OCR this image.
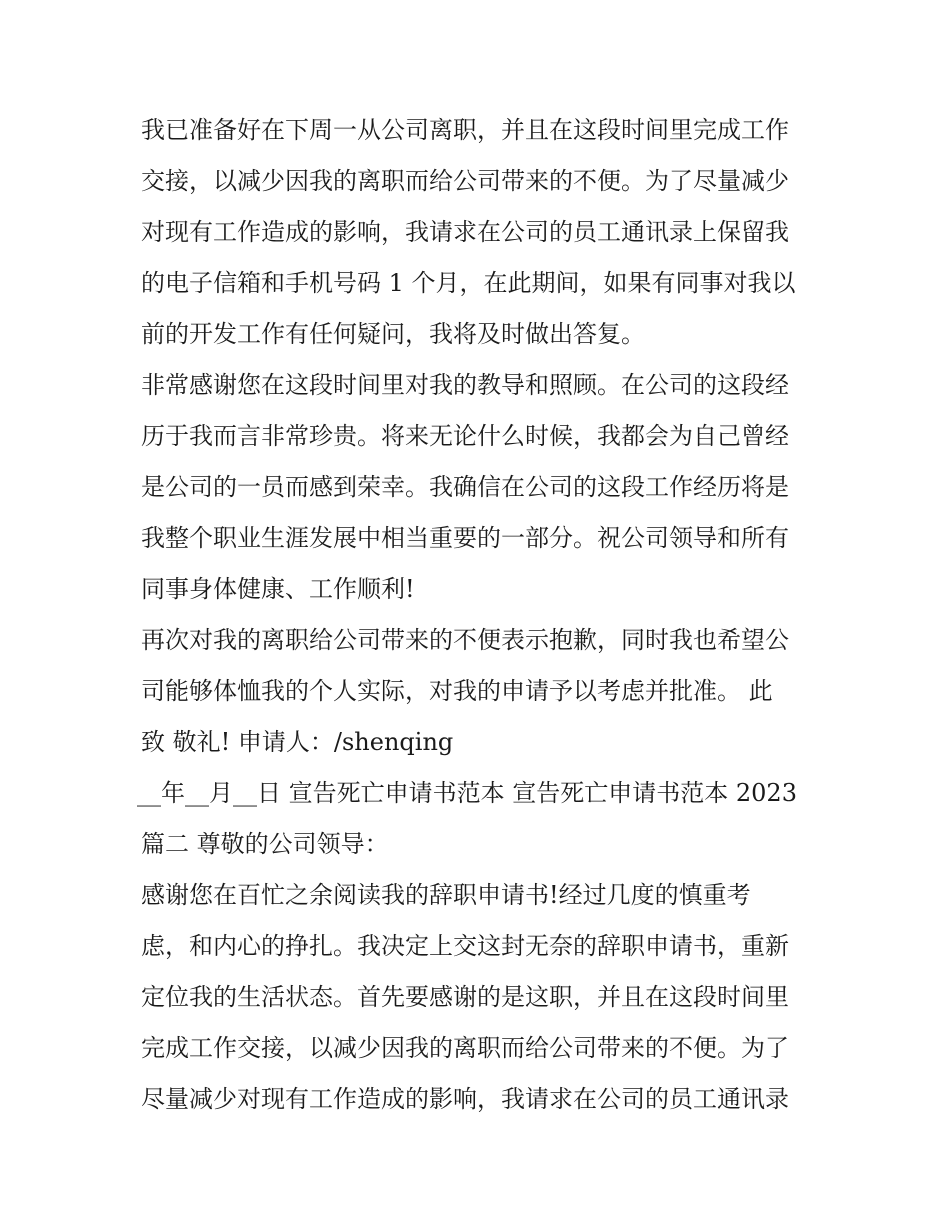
我已准备好在下周一从公司离职，并且在这段时间里完成工作
交接，以减少因我的离职而给公司带来的不便。为了尽量减少
对现有工作造成的影响，我请求在公司的员工通讯录上保留我
的电子信箱和手机号码 1 个月，在此期间，如果有同事对我以
前的开发工作有任何疑问，我将及时做出答复。
非常感谢您在这段时间里对我的教导和照顾。在公司的这段经
历于我而言非常珍贵。将来无论什么时候，我都会为自己曾经
是公司的一员而感到荣幸。我确信在公司的这段工作经历将是
我整个职业生涯发展中相当重要的一部分。祝公司领导和所有
同事身体健康、工作顺利!
再次对我的离职给公司带来的不便表示抱歉，同时我也希望公
司能够体恤我的个人实际，对我的申请予以考虑并批准。 此
致 敬礼! 申请人：/shenqing
__年__月__日 宣告死亡申请书范本 宣告死亡申请书范本 2023
篇二 尊敬的公司领导：
感谢您在百忙之余阅读我的辞职申请书!经过几度的慎重考
虑，和内心的挣扎。我决定上交这封无奈的辞职申请书，重新
定位我的生活状态。首先要感谢的是这职，并且在这段时间里
完成工作交接，以减少因我的离职而给公司带来的不便。为了
尽量减少对现有工作造成的影响，我请求在公司的员工通讯录
